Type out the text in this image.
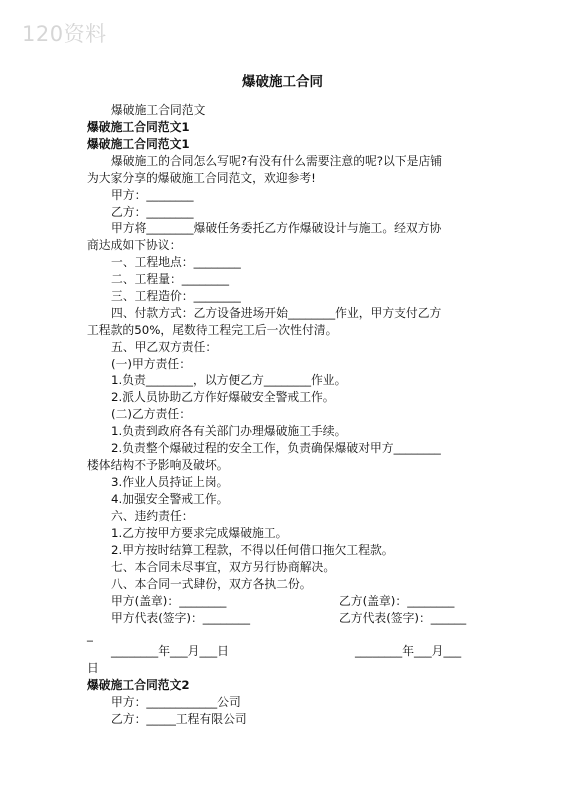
120资料
爆破施工合同
爆破施工合同范文
爆破施工合同范文1
爆破施工合同范文1
爆破施工的合同怎么写呢?有没有什么需要注意的呢?以下是店铺
为大家分享的爆破施工合同范文，欢迎参考!
甲方：________
乙方：________
甲方将________爆破任务委托乙方作爆破设计与施工。经双方协
商达成如下协议：
一、工程地点：________
二、工程量：________
三、工程造价：________
四、付款方式：乙方设备进场开始________作业，甲方支付乙方
工程款的50%，尾数待工程完工后一次性付清。
五、甲乙双方责任：
(一)甲方责任：
1.负责________，以方便乙方________作业。
2.派人员协助乙方作好爆破安全警戒工作。
(二)乙方责任：
1.负责到政府各有关部门办理爆破施工手续。
2.负责整个爆破过程的安全工作，负责确保爆破对甲方________
楼体结构不予影响及破坏。
3.作业人员持证上岗。
4.加强安全警戒工作。
六、违约责任：
1.乙方按甲方要求完成爆破施工。
2.甲方按时结算工程款，不得以任何借口拖欠工程款。
七、本合同未尽事宜，双方另行协商解决。
八、本合同一式肆份，双方各执二份。
甲方(盖章)：________	乙方(盖章)：________
甲方代表(签字)：________	乙方代表(签字)：______
_
________年___月___日	________年___月___
日
爆破施工合同范文2
甲方：____________公司
乙方：_____工程有限公司
